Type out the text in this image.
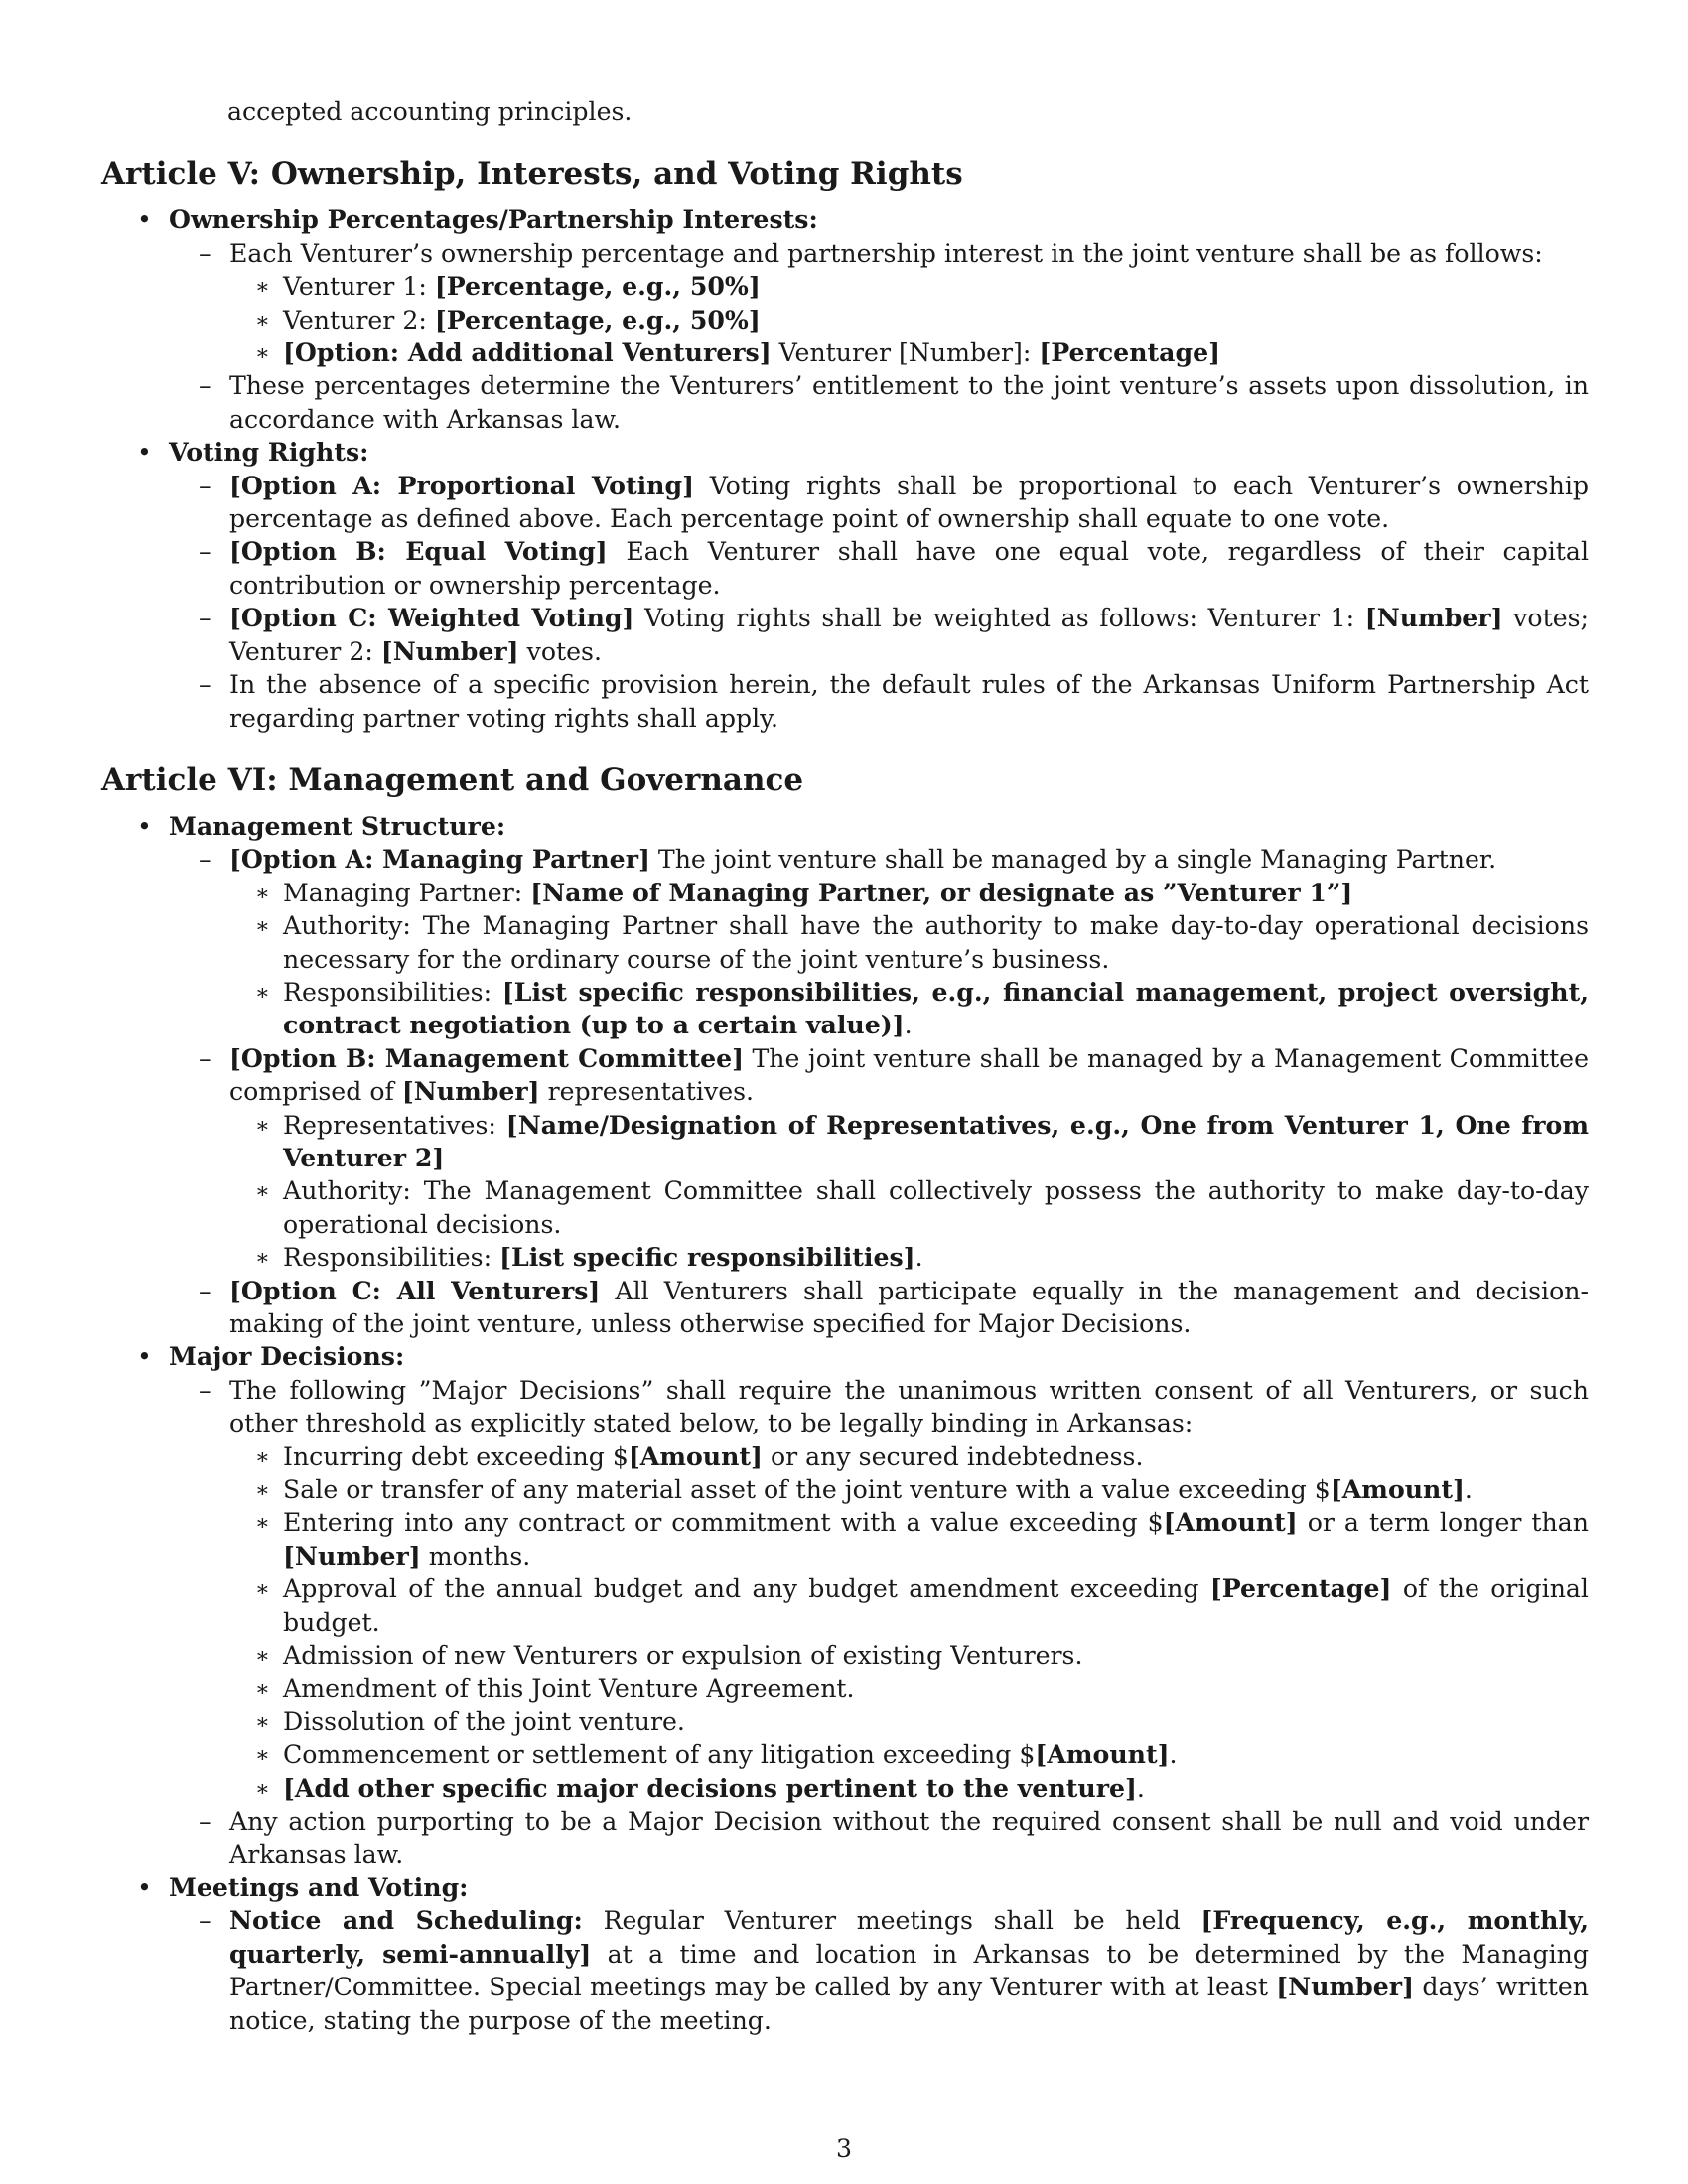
accepted accounting principles.

Article V: Ownership, Interests, and Voting Rights
• Ownership Percentages/Partnership Interests:
– Each Venturer’s ownership percentage and partnership interest in the joint venture shall be as follows:
∗ Venturer 1: [Percentage, e.g., 50%]
∗ Venturer 2: [Percentage, e.g., 50%]
∗ [Option: Add additional Venturers] Venturer [Number]: [Percentage]
– These percentages determine the Venturers’ entitlement to the joint venture’s assets upon dissolution, in accordance with Arkansas law.
• Voting Rights:
– [Option A: Proportional Voting] Voting rights shall be proportional to each Venturer’s ownership percentage as defined above. Each percentage point of ownership shall equate to one vote.
– [Option B: Equal Voting] Each Venturer shall have one equal vote, regardless of their capital contribution or ownership percentage.
– [Option C: Weighted Voting] Voting rights shall be weighted as follows: Venturer 1: [Number] votes; Venturer 2: [Number] votes.
– In the absence of a specific provision herein, the default rules of the Arkansas Uniform Partnership Act regarding partner voting rights shall apply.
Article VI: Management and Governance
• Management Structure:
– [Option A: Managing Partner] The joint venture shall be managed by a single Managing Partner.
∗ Managing Partner: [Name of Managing Partner, or designate as ”Venturer 1”]
∗ Authority: The Managing Partner shall have the authority to make day-to-day operational decisions necessary for the ordinary course of the joint venture’s business.
∗ Responsibilities: [List specific responsibilities, e.g., financial management, project oversight, contract negotiation (up to a certain value)].
– [Option B: Management Committee] The joint venture shall be managed by a Management Committee comprised of [Number] representatives.
∗ Representatives: [Name/Designation of Representatives, e.g., One from Venturer 1, One from Venturer 2]
∗ Authority: The Management Committee shall collectively possess the authority to make day-to-day operational decisions.
∗ Responsibilities: [List specific responsibilities].
– [Option C: All Venturers] All Venturers shall participate equally in the management and decision-making of the joint venture, unless otherwise specified for Major Decisions.
• Major Decisions:
– The following ”Major Decisions” shall require the unanimous written consent of all Venturers, or such other threshold as explicitly stated below, to be legally binding in Arkansas:
∗ Incurring debt exceeding $[Amount] or any secured indebtedness.
∗ Sale or transfer of any material asset of the joint venture with a value exceeding $[Amount].
∗ Entering into any contract or commitment with a value exceeding $[Amount] or a term longer than [Number] months.
∗ Approval of the annual budget and any budget amendment exceeding [Percentage] of the original budget.
∗ Admission of new Venturers or expulsion of existing Venturers.
∗ Amendment of this Joint Venture Agreement.
∗ Dissolution of the joint venture.
∗ Commencement or settlement of any litigation exceeding $[Amount].
∗ [Add other specific major decisions pertinent to the venture].
– Any action purporting to be a Major Decision without the required consent shall be null and void under Arkansas law.
• Meetings and Voting:
– Notice and Scheduling: Regular Venturer meetings shall be held [Frequency, e.g., monthly, quarterly, semi-annually] at a time and location in Arkansas to be determined by the Managing Partner/Committee. Special meetings may be called by any Venturer with at least [Number] days’ written notice, stating the purpose of the meeting.
3
